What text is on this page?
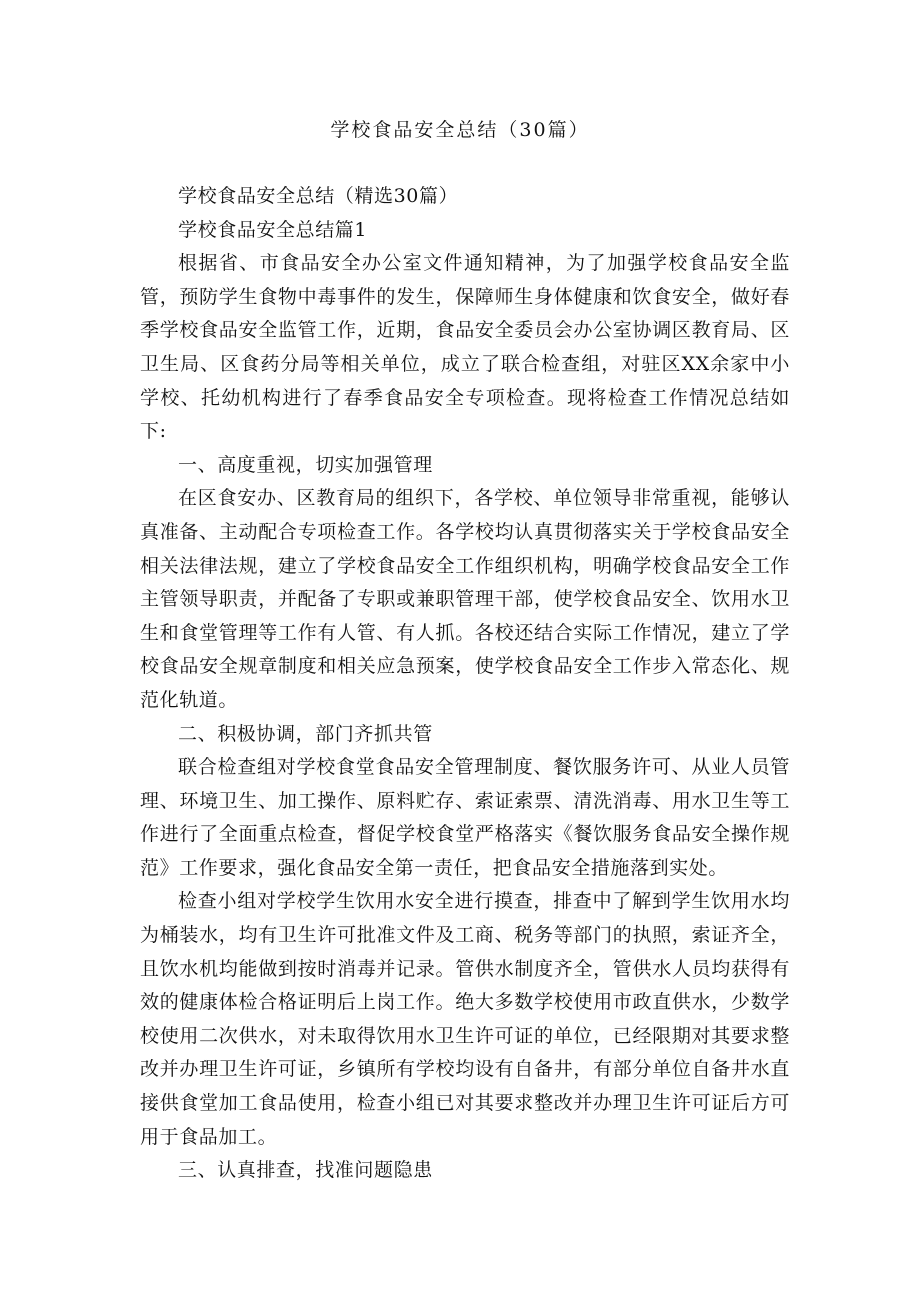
学校食品安全总结（30篇）

学校食品安全总结（精选30篇）

学校食品安全总结篇1

根据省、市食品安全办公室文件通知精神，为了加强学校食品安全监管，预防学生食物中毒事件的发生，保障师生身体健康和饮食安全，做好春季学校食品安全监管工作，近期，食品安全委员会办公室协调区教育局、区卫生局、区食药分局等相关单位，成立了联合检查组，对驻区XX余家中小学校、托幼机构进行了春季食品安全专项检查。现将检查工作情况总结如下:

一、高度重视，切实加强管理

在区食安办、区教育局的组织下，各学校、单位领导非常重视，能够认真准备、主动配合专项检查工作。各学校均认真贯彻落实关于学校食品安全相关法律法规，建立了学校食品安全工作组织机构，明确学校食品安全工作主管领导职责，并配备了专职或兼职管理干部，使学校食品安全、饮用水卫生和食堂管理等工作有人管、有人抓。各校还结合实际工作情况，建立了学校食品安全规章制度和相关应急预案，使学校食品安全工作步入常态化、规范化轨道。

二、积极协调，部门齐抓共管

联合检查组对学校食堂食品安全管理制度、餐饮服务许可、从业人员管理、环境卫生、加工操作、原料贮存、索证索票、清洗消毒、用水卫生等工作进行了全面重点检查，督促学校食堂严格落实《餐饮服务食品安全操作规范》工作要求，强化食品安全第一责任，把食品安全措施落到实处。

检查小组对学校学生饮用水安全进行摸查，排查中了解到学生饮用水均为桶装水，均有卫生许可批准文件及工商、税务等部门的执照，索证齐全，且饮水机均能做到按时消毒并记录。管供水制度齐全，管供水人员均获得有效的健康体检合格证明后上岗工作。绝大多数学校使用市政直供水，少数学校使用二次供水，对未取得饮用水卫生许可证的单位，已经限期对其要求整改并办理卫生许可证，乡镇所有学校均设有自备井，有部分单位自备井水直接供食堂加工食品使用，检查小组已对其要求整改并办理卫生许可证后方可用于食品加工。

三、认真排查，找准问题隐患
